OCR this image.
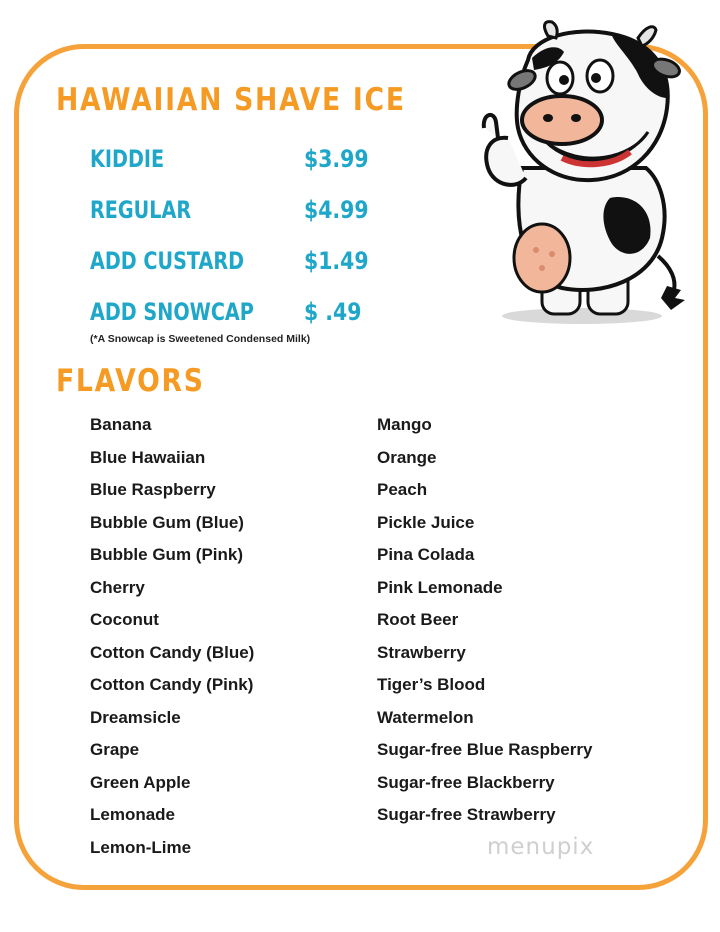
HAWAIIAN SHAVE ICE
KIDDIE	$3.99
REGULAR	$4.99
ADD CUSTARD $1.49
ADD SNOWCAP $ .49
(*A Snowcap is Sweetened Condensed Milk)
FLAVORS
Banana
Blue Hawaiian
Blue Raspberry
Bubble Gum (Blue)
Bubble Gum (Pink)
Cherry
Coconut
Cotton Candy (Blue)
Cotton Candy (Pink)
Dreamsicle
Grape
Green Apple
Lemonade
Lemon-Lime
Mango
Orange
Peach
Pickle Juice
Pina Colada
Pink Lemonade
Root Beer
Strawberry
Tiger’s Blood
Watermelon
Sugar-free Blue Raspberry
Sugar-free Blackberry
Sugar-free Strawberry
menupix
